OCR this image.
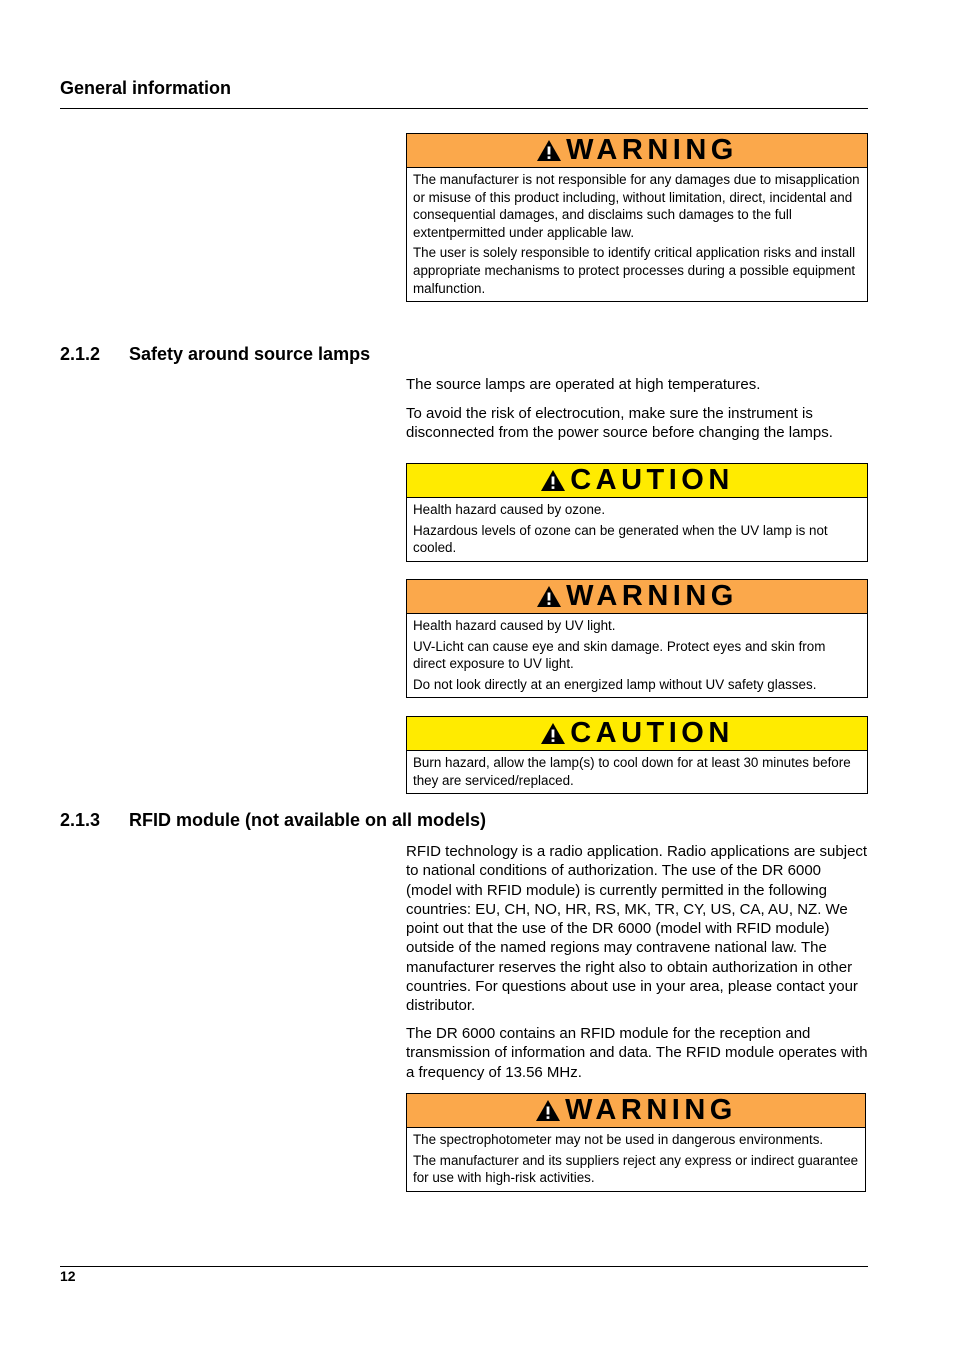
General information
WARNING

The manufacturer is not responsible for any damages due to misapplication or misuse of this product including, without limitation, direct, incidental and consequential damages, and disclaims such damages to the full extentpermitted under applicable law.

The user is solely responsible to identify critical application risks and install appropriate mechanisms to protect processes during a possible equipment malfunction.

2.1.2 Safety around source lamps

The source lamps are operated at high temperatures.

To avoid the risk of electrocution, make sure the instrument is disconnected from the power source before changing the lamps.

CAUTION

Health hazard caused by ozone.

Hazardous levels of ozone can be generated when the UV lamp is not cooled.

WARNING

Health hazard caused by UV light.

UV-Licht can cause eye and skin damage. Protect eyes and skin from direct exposure to UV light.

Do not look directly at an energized lamp without UV safety glasses.

CAUTION

Burn hazard, allow the lamp(s) to cool down for at least 30 minutes before they are serviced/replaced.

2.1.3 RFID module (not available on all models)

RFID technology is a radio application. Radio applications are subject to national conditions of authorization. The use of the DR 6000 (model with RFID module) is currently permitted in the following countries: EU, CH, NO, HR, RS, MK, TR, CY, US, CA, AU, NZ. We point out that the use of the DR 6000 (model with RFID module) outside of the named regions may contravene national law. The manufacturer reserves the right also to obtain authorization in other countries. For questions about use in your area, please contact your distributor.

The DR 6000 contains an RFID module for the reception and transmission of information and data. The RFID module operates with a frequency of 13.56 MHz.

WARNING

The spectrophotometer may not be used in dangerous environments.

The manufacturer and its suppliers reject any express or indirect guarantee for use with high-risk activities.

12
